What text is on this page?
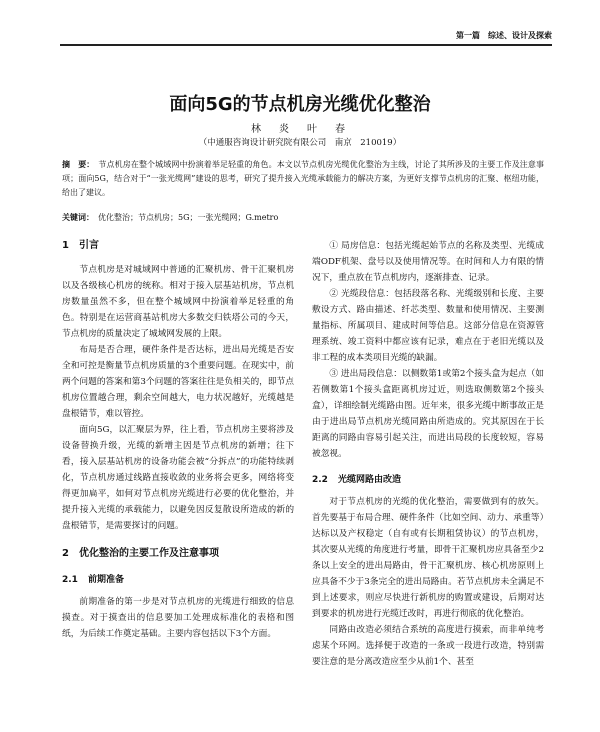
第一篇　综述、设计及探索
面向5G的节点机房光缆优化整治
林　炎　叶　春
（中通服咨询设计研究院有限公司　南京　210019）
摘　要： 节点机房在整个城域网中扮演着举足轻重的角色。本文以节点机房光缆优化整治为主线，讨论了其所涉及的主要工作及注意事项；面向5G，结合对于“一张光缆网”建设的思考，研究了提升接入光缆承载能力的解决方案，为更好支撑节点机房的汇聚、枢纽功能，给出了建议。
关键词： 优化整治；节点机房；5G；一张光缆网；G.metro
1 引言

节点机房是对城域网中普通的汇聚机房、骨干汇聚机房以及各级核心机房的统称。相对于接入层基站机房，节点机房数量虽然不多，但在整个城域网中扮演着举足轻重的角色。特别是在运营商基站机房大多数交归铁塔公司的今天，节点机房的质量决定了城域网发展的上限。

布局是否合理，硬件条件是否达标，进出局光缆是否安全和可控是衡量节点机房质量的3个重要问题。在现实中，前两个问题的答案和第3个问题的答案往往是负相关的，即节点机房位置越合理，剩余空间越大，电力状况越好，光缆越是盘根错节，难以管控。

面向5G，以汇聚层为界，往上看，节点机房主要将涉及设备替换升级，光缆的新增主因是节点机房的新增；往下看，接入层基站机房的设备功能会被“分拆点”的功能特续剥化，节点机房通过线路直接收敛的业务将会更多，网络将变得更加扁平，如何对节点机房光缆进行必要的优化整治，并提升接入光缆的承载能力，以避免因反复散设所造成的新的盘根错节，是需要探讨的问题。

2 优化整治的主要工作及注意事项
2.1 前期准备

前期准备的第一步是对节点机房的光缆进行细致的信息摸查。对于摸查出的信息要加工处理成标准化的表格和图纸，为后续工作奠定基础。主要内容包括以下3个方面。

① 局房信息：包括光缆起始节点的名称及类型、光缆成端ODF机架、盘号以及使用情况等。在时间和人力有限的情况下，重点放在节点机房内，逐渐排查、记录。

② 光缆段信息：包括段落名称、光缆级别和长度、主要敷设方式、路由描述、纤芯类型、数量和使用情况、主要测量指标、所属项目、建成时间等信息。这部分信息在资源管理系统、竣工资料中都应该有记录，难点在于老旧光缆以及非工程的成本类项目光缆的缺漏。

③ 进出局段信息：以侧数第1或第2个接头盒为起点（如若侧数第1个接头盒距离机房过近，则选取侧数第2个接头盒），详细绘制光缆路由图。近年来，很多光缆中断事故正是由于进出局节点机房光缆同路由所造成的。究其原因在于长距离的同路由容易引起关注，而进出局段的长度较短，容易被忽视。

2.2 光缆网路由改造

对于节点机房的光缆的优化整治，需要做到有的放矢。首先要基于布局合理、硬件条件（比如空间、动力、承重等）达标以及产权稳定（自有或有长期租赁协议）的节点机房，其次要从光缆的角度进行考量，即骨干汇聚机房应具备至少2条以上安全的进出局路由，骨干汇聚机房、核心机房原则上应具备不少于3条完全的进出局路由。若节点机房未全满足不到上述要求，则应尽快进行新机房的购置或建设，后期对达到要求的机房进行光缆迁改时，再进行彻底的优化整治。

同路由改造必须结合系统的高度进行摸索，而非单纯考虑某个环网。选择便于改造的一条或一段进行改造，特别需要注意的是分离改造应至少从前1个、甚至
